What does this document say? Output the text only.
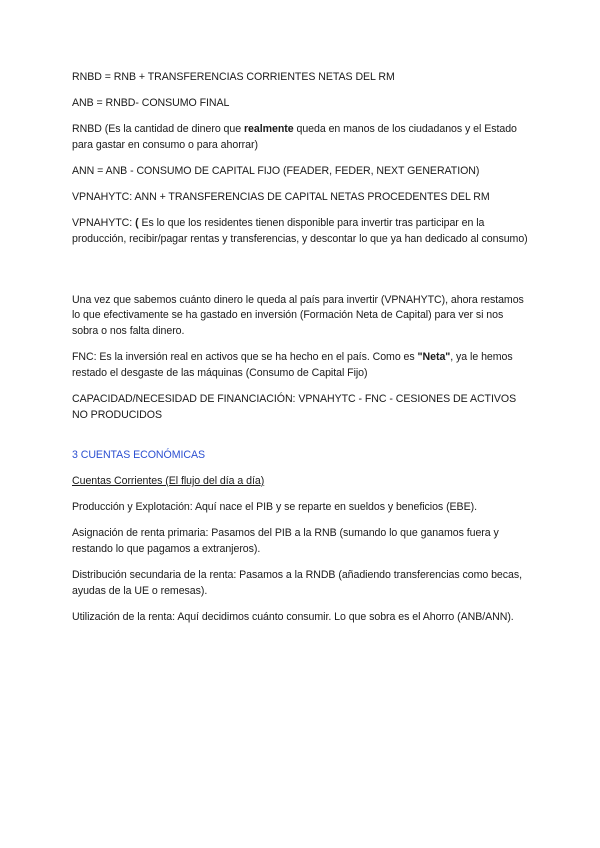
RNBD = RNB + TRANSFERENCIAS CORRIENTES NETAS DEL RM

ANB = RNBD- CONSUMO FINAL

RNBD (Es la cantidad de dinero que realmente queda en manos de los ciudadanos y el Estado para gastar en consumo o para ahorrar)

ANN = ANB - CONSUMO DE CAPITAL FIJO (FEADER, FEDER, NEXT GENERATION)

VPNAHYTC: ANN + TRANSFERENCIAS DE CAPITAL NETAS PROCEDENTES DEL RM

VPNAHYTC: ( Es lo que los residentes tienen disponible para invertir tras participar en la producción, recibir/pagar rentas y transferencias, y descontar lo que ya han dedicado al consumo)

Una vez que sabemos cuánto dinero le queda al país para invertir (VPNAHYTC), ahora restamos lo que efectivamente se ha gastado en inversión (Formación Neta de Capital) para ver si nos sobra o nos falta dinero.

FNC: Es la inversión real en activos que se ha hecho en el país. Como es "Neta", ya le hemos restado el desgaste de las máquinas (Consumo de Capital Fijo)

CAPACIDAD/NECESIDAD DE FINANCIACIÓN: VPNAHYTC - FNC - CESIONES DE ACTIVOS NO PRODUCIDOS

3 CUENTAS ECONÓMICAS

Cuentas Corrientes (El flujo del día a día)

Producción y Explotación: Aquí nace el PIB y se reparte en sueldos y beneficios (EBE).

Asignación de renta primaria: Pasamos del PIB a la RNB (sumando lo que ganamos fuera y restando lo que pagamos a extranjeros).

Distribución secundaria de la renta: Pasamos a la RNDB (añadiendo transferencias como becas, ayudas de la UE o remesas).

Utilización de la renta: Aquí decidimos cuánto consumir. Lo que sobra es el Ahorro (ANB/ANN).
